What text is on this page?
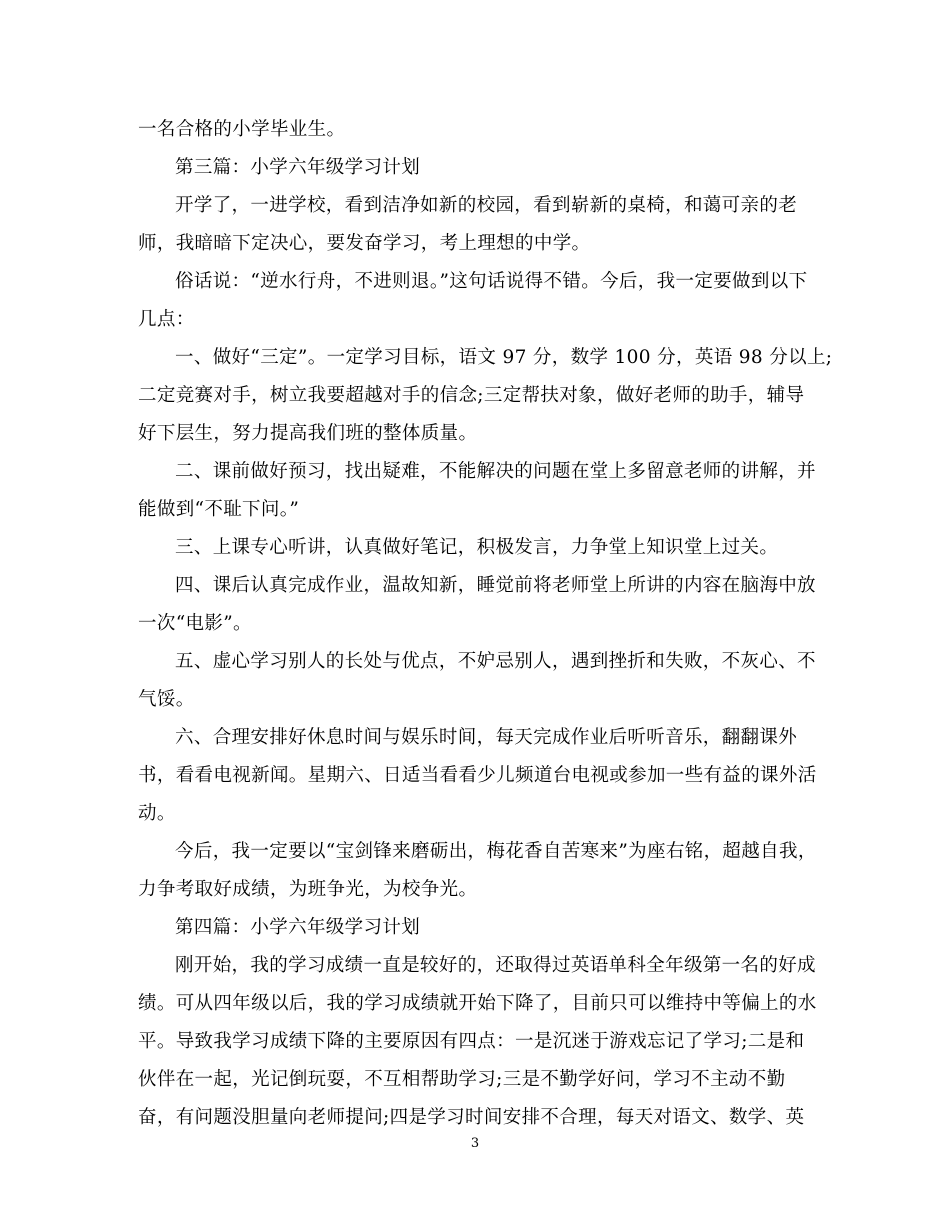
一名合格的小学毕业生。
第三篇：小学六年级学习计划
开学了，一进学校，看到洁净如新的校园，看到崭新的桌椅，和蔼可亲的老
师，我暗暗下定决心，要发奋学习，考上理想的中学。
俗话说：“逆水行舟，不进则退。”这句话说得不错。今后，我一定要做到以下
几点：
一、做好“三定”。一定学习目标，语文 97 分，数学 100 分，英语 98 分以上;
二定竞赛对手，树立我要超越对手的信念;三定帮扶对象，做好老师的助手，辅导
好下层生，努力提高我们班的整体质量。
二、课前做好预习，找出疑难，不能解决的问题在堂上多留意老师的讲解，并
能做到“不耻下问。”
三、上课专心听讲，认真做好笔记，积极发言，力争堂上知识堂上过关。
四、课后认真完成作业，温故知新，睡觉前将老师堂上所讲的内容在脑海中放
一次“电影”。
五、虚心学习别人的长处与优点，不妒忌别人，遇到挫折和失败，不灰心、不
气馁。
六、合理安排好休息时间与娱乐时间，每天完成作业后听听音乐，翻翻课外
书，看看电视新闻。星期六、日适当看看少儿频道台电视或参加一些有益的课外活
动。
今后，我一定要以“宝剑锋来磨砺出，梅花香自苦寒来”为座右铭，超越自我，
力争考取好成绩，为班争光，为校争光。
第四篇：小学六年级学习计划
刚开始，我的学习成绩一直是较好的，还取得过英语单科全年级第一名的好成
绩。可从四年级以后，我的学习成绩就开始下降了，目前只可以维持中等偏上的水
平。导致我学习成绩下降的主要原因有四点：一是沉迷于游戏忘记了学习;二是和
伙伴在一起，光记倒玩耍，不互相帮助学习;三是不勤学好问，学习不主动不勤
奋，有问题没胆量向老师提问;四是学习时间安排不合理，每天对语文、数学、英
3
